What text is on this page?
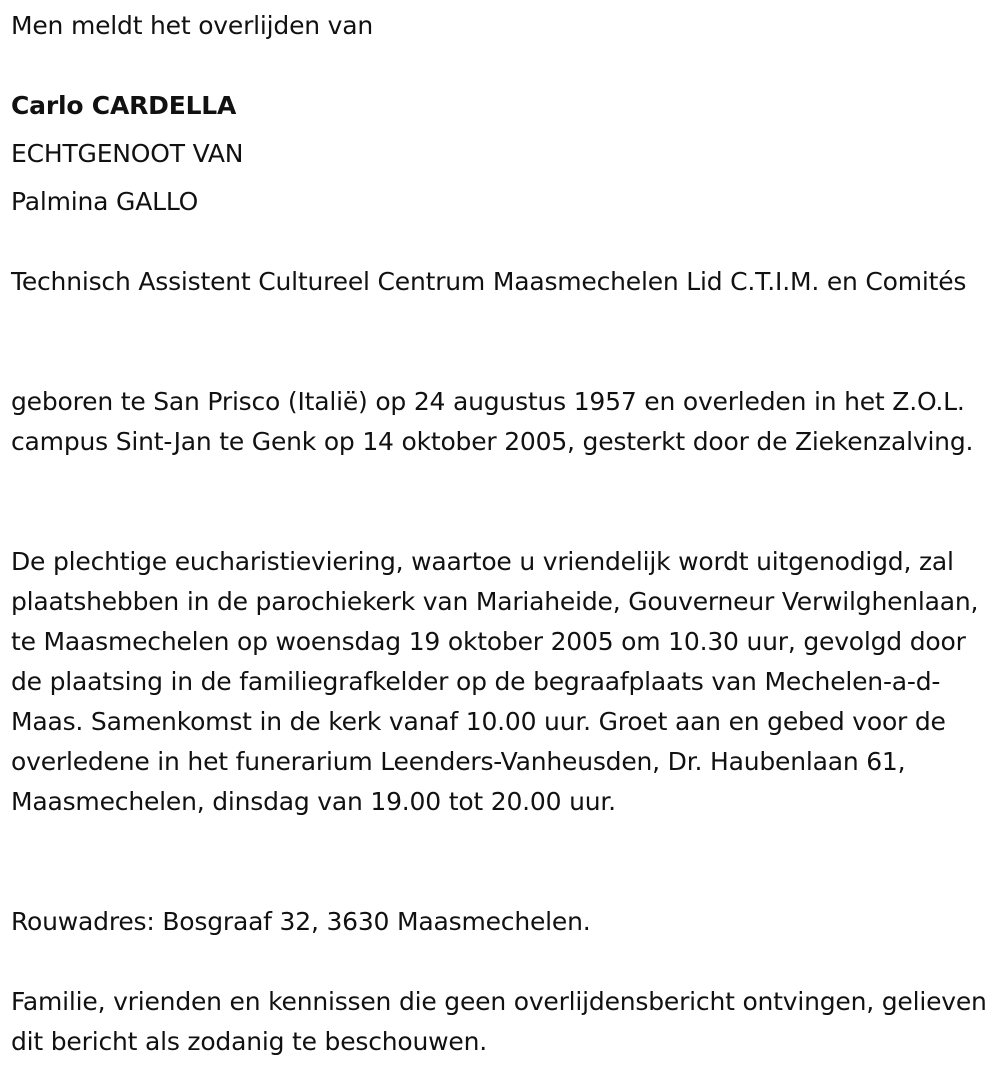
Men meldt het overlijden van

Carlo CARDELLA

ECHTGENOOT VAN

Palmina GALLO

Technisch Assistent Cultureel Centrum Maasmechelen Lid C.T.I.M. en Comités

geboren te San Prisco (Italië) op 24 augustus 1957 en overleden in het Z.O.L. campus Sint-Jan te Genk op 14 oktober 2005, gesterkt door de Ziekenzalving.

De plechtige eucharistieviering, waartoe u vriendelijk wordt uitgenodigd, zal plaatshebben in de parochiekerk van Mariaheide, Gouverneur Verwilghenlaan, te Maasmechelen op woensdag 19 oktober 2005 om 10.30 uur, gevolgd door de plaatsing in de familiegrafkelder op de begraafplaats van Mechelen-a-d-Maas. Samenkomst in de kerk vanaf 10.00 uur. Groet aan en gebed voor de overledene in het funerarium Leenders-Vanheusden, Dr. Haubenlaan 61, Maasmechelen, dinsdag van 19.00 tot 20.00 uur.

Rouwadres: Bosgraaf 32, 3630 Maasmechelen.

Familie, vrienden en kennissen die geen overlijdensbericht ontvingen, gelieven dit bericht als zodanig te beschouwen.
